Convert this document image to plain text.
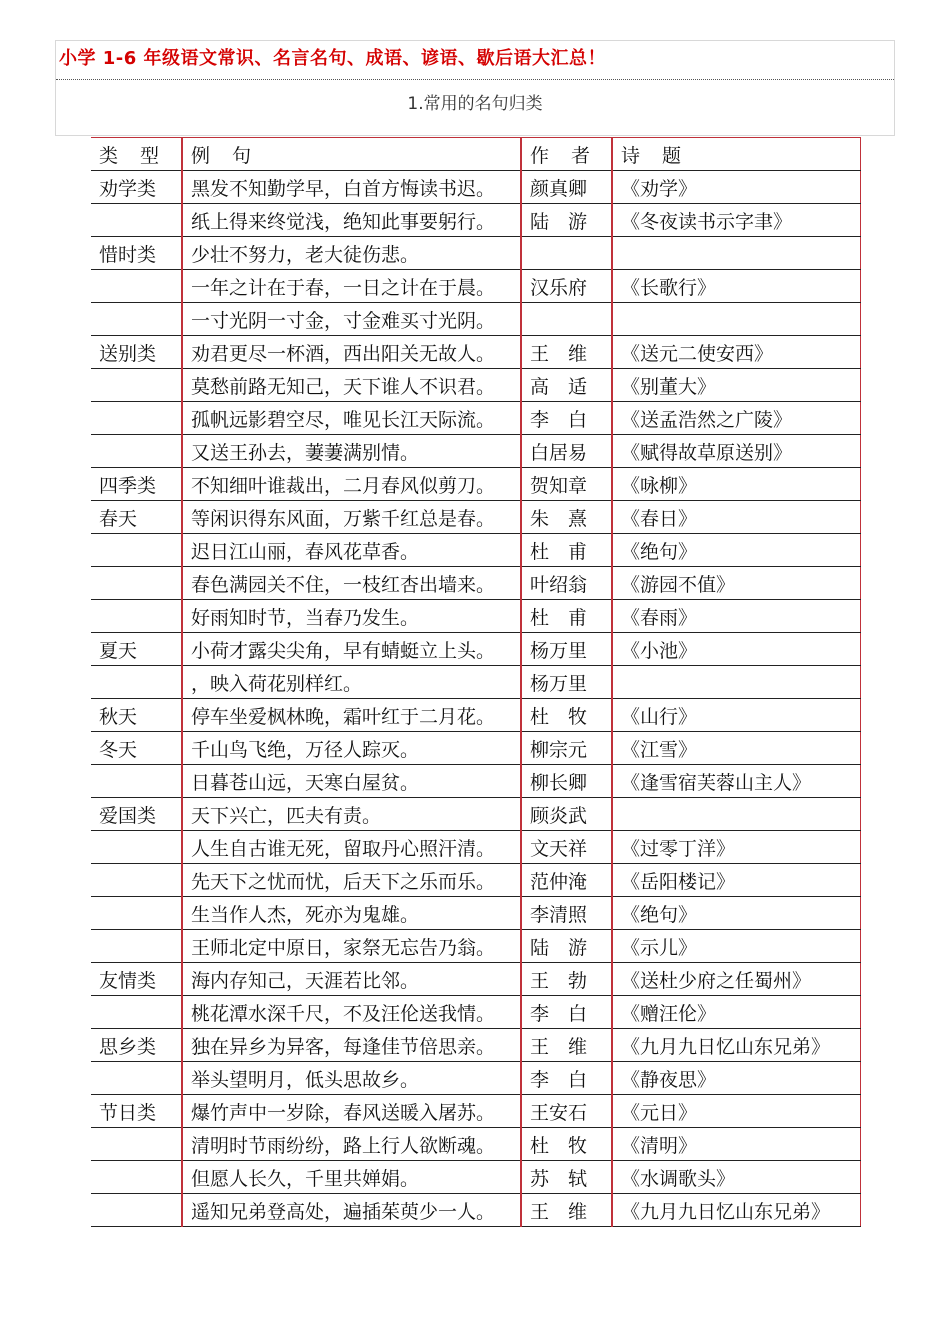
小学 1-6 年级语文常识、名言名句、成语、谚语、歇后语大汇总！
1.常用的名句归类
类 型	例 句	作 者	诗 题
劝学类	黑发不知勤学早，白首方悔读书迟。	颜真卿	《劝学》
	纸上得来终觉浅，绝知此事要躬行。	陆　游	《冬夜读书示字聿》
惜时类	少壮不努力，老大徒伤悲。		
	一年之计在于春，一日之计在于晨。	汉乐府	《长歌行》
	一寸光阴一寸金，寸金难买寸光阴。		
送别类	劝君更尽一杯酒，西出阳关无故人。	王　维	《送元二使安西》
	莫愁前路无知己，天下谁人不识君。	高　适	《别董大》
	孤帆远影碧空尽，唯见长江天际流。	李　白	《送孟浩然之广陵》
	又送王孙去，萋萋满别情。	白居易	《赋得故草原送别》
四季类	不知细叶谁裁出，二月春风似剪刀。	贺知章	《咏柳》
春天	等闲识得东风面，万紫千红总是春。	朱　熹	《春日》
	迟日江山丽，春风花草香。	杜　甫	《绝句》
	春色满园关不住，一枝红杏出墙来。	叶绍翁	《游园不值》
	好雨知时节，当春乃发生。	杜　甫	《春雨》
夏天	小荷才露尖尖角，早有蜻蜓立上头。	杨万里	《小池》
	，映入荷花别样红。	杨万里	
秋天	停车坐爱枫林晚，霜叶红于二月花。	杜　牧	《山行》
冬天	千山鸟飞绝，万径人踪灭。	柳宗元	《江雪》
	日暮苍山远，天寒白屋贫。	柳长卿	《逢雪宿芙蓉山主人》
爱国类	天下兴亡，匹夫有责。	顾炎武	
	人生自古谁无死，留取丹心照汗清。	文天祥	《过零丁洋》
	先天下之忧而忧，后天下之乐而乐。	范仲淹	《岳阳楼记》
	生当作人杰，死亦为鬼雄。	李清照	《绝句》
	王师北定中原日，家祭无忘告乃翁。	陆　游	《示儿》
友情类	海内存知己，天涯若比邻。	王　勃	《送杜少府之任蜀州》
	桃花潭水深千尺，不及汪伦送我情。	李　白	《赠汪伦》
思乡类	独在异乡为异客，每逢佳节倍思亲。	王　维	《九月九日忆山东兄弟》
	举头望明月，低头思故乡。	李　白	《静夜思》
节日类	爆竹声中一岁除，春风送暖入屠苏。	王安石	《元日》
	清明时节雨纷纷，路上行人欲断魂。	杜　牧	《清明》
	但愿人长久，千里共婵娟。	苏　轼	《水调歌头》
	遥知兄弟登高处，遍插茱萸少一人。	王　维	《九月九日忆山东兄弟》
